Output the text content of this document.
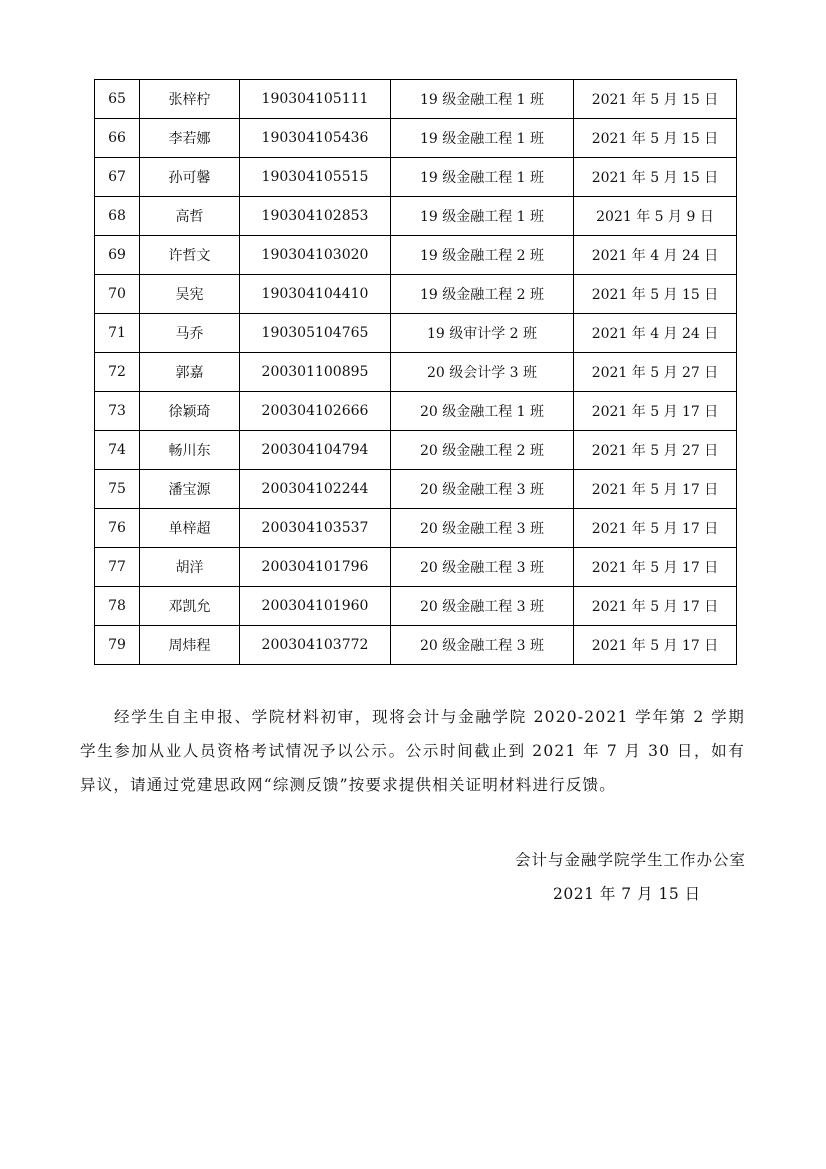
65	张梓柠	190304105111	19 级金融工程 1 班	2021 年 5 月 15 日
66	李若娜	190304105436	19 级金融工程 1 班	2021 年 5 月 15 日
67	孙可馨	190304105515	19 级金融工程 1 班	2021 年 5 月 15 日
68	高哲	190304102853	19 级金融工程 1 班	2021 年 5 月 9 日
69	许哲文	190304103020	19 级金融工程 2 班	2021 年 4 月 24 日
70	吴宪	190304104410	19 级金融工程 2 班	2021 年 5 月 15 日
71	马乔	190305104765	19 级审计学 2 班	2021 年 4 月 24 日
72	郭嘉	200301100895	20 级会计学 3 班	2021 年 5 月 27 日
73	徐颖琦	200304102666	20 级金融工程 1 班	2021 年 5 月 17 日
74	畅川东	200304104794	20 级金融工程 2 班	2021 年 5 月 27 日
75	潘宝源	200304102244	20 级金融工程 3 班	2021 年 5 月 17 日
76	单梓超	200304103537	20 级金融工程 3 班	2021 年 5 月 17 日
77	胡洋	200304101796	20 级金融工程 3 班	2021 年 5 月 17 日
78	邓凯允	200304101960	20 级金融工程 3 班	2021 年 5 月 17 日
79	周炜程	200304103772	20 级金融工程 3 班	2021 年 5 月 17 日

经学生自主申报、学院材料初审，现将会计与金融学院 2020-2021 学年第 2 学期学生参加从业人员资格考试情况予以公示。公示时间截止到 2021 年 7 月 30 日，如有异议，请通过党建思政网“综测反馈”按要求提供相关证明材料进行反馈。

会计与金融学院学生工作办公室
2021 年 7 月 15 日
